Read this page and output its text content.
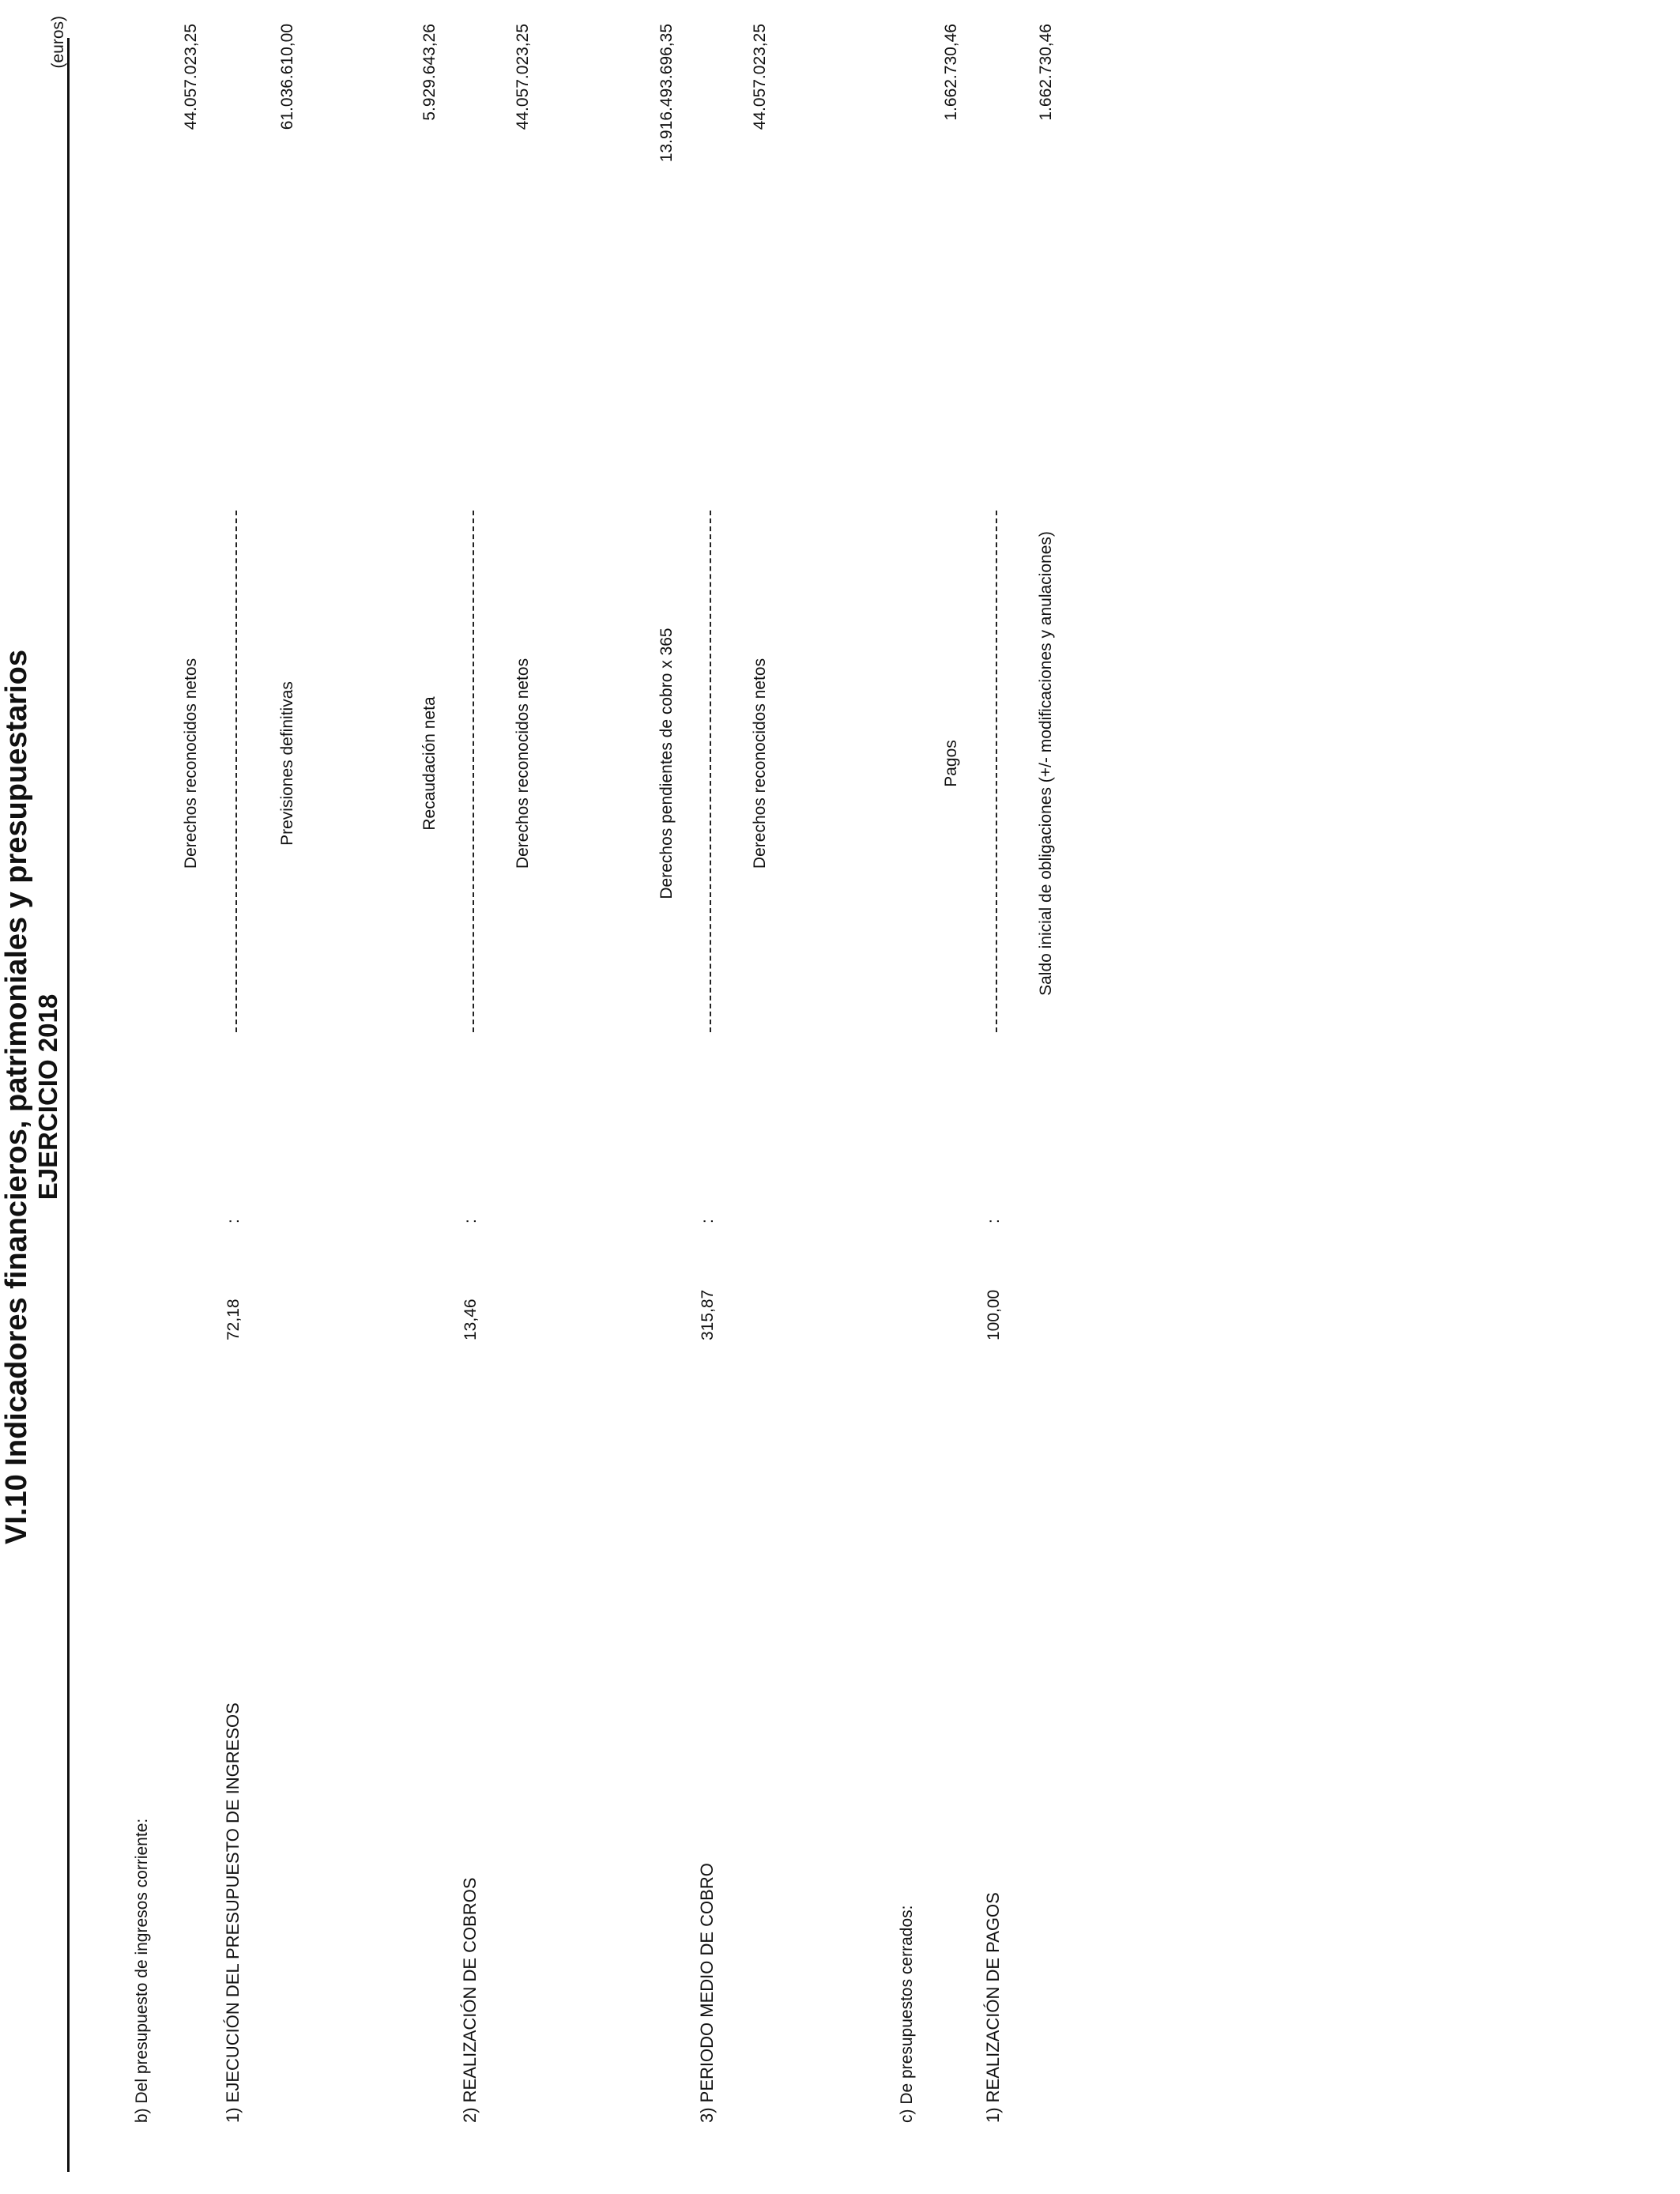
VI.10 Indicadores financieros, patrimoniales y presupuestarios EJERCICIO 2018
(euros)
b) Del presupuesto de ingresos corriente:	1) EJECUCIÓN DEL PRESUPUESTO DE INGRESOS
72,18
:
Derechos reconocidos netos	Previsiones definitivas
44.057.023,25	61.036.610,00
2) REALIZACIÓN DE COBROS
13,46
:
Recaudación neta	Derechos reconocidos netos
5.929.643,26	44.057.023,25
3) PERIODO MEDIO DE COBRO
315,87
:
Derechos pendientes de cobro x 365	Derechos reconocidos netos
13.916.493.696,35	44.057.023,25
c) De presupuestos cerrados:	1) REALIZACIÓN DE PAGOS
100,00
:
Pagos	Saldo inicial de obligaciones (+/- modificaciones y anulaciones)
1.662.730,46	1.662.730,46
